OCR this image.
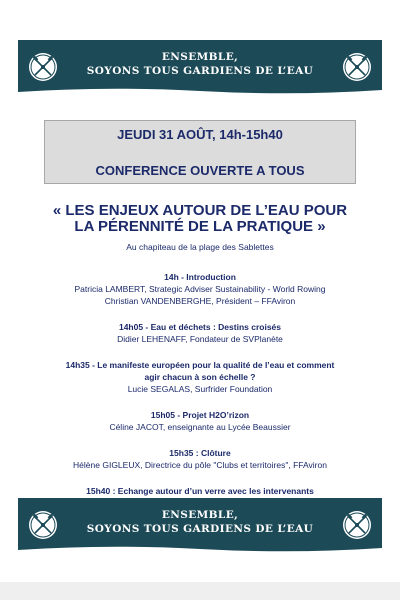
ENSEMBLE,
SOYONS TOUS GARDIENS DE L’EAU
JEUDI 31 AOÛT, 14h-15h40
CONFERENCE OUVERTE A TOUS
« LES ENJEUX AUTOUR DE L’EAU POUR
LA PÉRENNITÉ DE LA PRATIQUE »
Au chapiteau de la plage des Sablettes
14h - Introduction
Patricia LAMBERT, Strategic Adviser Sustainability - World Rowing
Christian VANDENBERGHE, Président – FFAviron
14h05 - Eau et déchets : Destins croisés
Didier LEHENAFF, Fondateur de SVPlanète
14h35 - Le manifeste européen pour la qualité de l’eau et comment
agir chacun à son échelle ?
Lucie SEGALAS, Surfrider Foundation
15h05 - Projet H2O’rizon
Céline JACOT, enseignante au Lycée Beaussier
15h35 : Clôture
Hélène GIGLEUX, Directrice du pôle "Clubs et territoires", FFAviron
15h40 : Echange autour d’un verre avec les intervenants
ENSEMBLE,
SOYONS TOUS GARDIENS DE L’EAU
